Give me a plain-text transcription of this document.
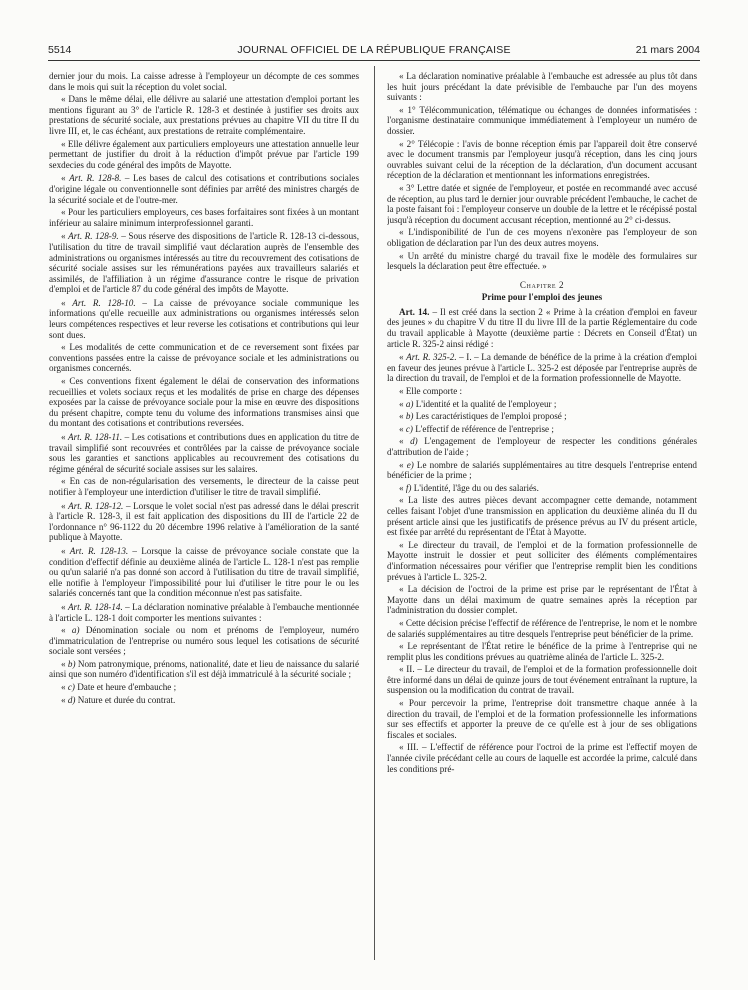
5514	JOURNAL OFFICIEL DE LA RÉPUBLIQUE FRANÇAISE	21 mars 2004

dernier jour du mois. La caisse adresse à l'employeur un décompte de ces sommes dans le mois qui suit la réception du volet social.

« Dans le même délai, elle délivre au salarié une attestation d'emploi portant les mentions figurant au 3° de l'article R. 128-3 et destinée à justifier ses droits aux prestations de sécurité sociale, aux prestations prévues au chapitre VII du titre II du livre III, et, le cas échéant, aux prestations de retraite complémentaire.

« Elle délivre également aux particuliers employeurs une attestation annuelle leur permettant de justifier du droit à la réduction d'impôt prévue par l'article 199 sexdecies du code général des impôts de Mayotte.

« Art. R. 128-8. – Les bases de calcul des cotisations et contributions sociales d'origine légale ou conventionnelle sont définies par arrêté des ministres chargés de la sécurité sociale et de l'outre-mer.

« Pour les particuliers employeurs, ces bases forfaitaires sont fixées à un montant inférieur au salaire minimum interprofessionnel garanti.

« Art. R. 128-9. – Sous réserve des dispositions de l'article R. 128-13 ci-dessous, l'utilisation du titre de travail simplifié vaut déclaration auprès de l'ensemble des administrations ou organismes intéressés au titre du recouvrement des cotisations de sécurité sociale assises sur les rémunérations payées aux travailleurs salariés et assimilés, de l'affiliation à un régime d'assurance contre le risque de privation d'emploi et de l'article 87 du code général des impôts de Mayotte.

« Art. R. 128-10. – La caisse de prévoyance sociale communique les informations qu'elle recueille aux administrations ou organismes intéressés selon leurs compétences respectives et leur reverse les cotisations et contributions qui leur sont dues.

« Les modalités de cette communication et de ce reversement sont fixées par conventions passées entre la caisse de prévoyance sociale et les administrations ou organismes concernés.

« Ces conventions fixent également le délai de conservation des informations recueillies et volets sociaux reçus et les modalités de prise en charge des dépenses exposées par la caisse de prévoyance sociale pour la mise en œuvre des dispositions du présent chapitre, compte tenu du volume des informations transmises ainsi que du montant des cotisations et contributions reversées.

« Art. R. 128-11. – Les cotisations et contributions dues en application du titre de travail simplifié sont recouvrées et contrôlées par la caisse de prévoyance sociale sous les garanties et sanctions applicables au recouvrement des cotisations du régime général de sécurité sociale assises sur les salaires.

« En cas de non-régularisation des versements, le directeur de la caisse peut notifier à l'employeur une interdiction d'utiliser le titre de travail simplifié.

« Art. R. 128-12. – Lorsque le volet social n'est pas adressé dans le délai prescrit à l'article R. 128-3, il est fait application des dispositions du III de l'article 22 de l'ordonnance n° 96-1122 du 20 décembre 1996 relative à l'amélioration de la santé publique à Mayotte.

« Art. R. 128-13. – Lorsque la caisse de prévoyance sociale constate que la condition d'effectif définie au deuxième alinéa de l'article L. 128-1 n'est pas remplie ou qu'un salarié n'a pas donné son accord à l'utilisation du titre de travail simplifié, elle notifie à l'employeur l'impossibilité pour lui d'utiliser le titre pour le ou les salariés concernés tant que la condition méconnue n'est pas satisfaite.

« Art. R. 128-14. – La déclaration nominative préalable à l'embauche mentionnée à l'article L. 128-1 doit comporter les mentions suivantes :

« a) Dénomination sociale ou nom et prénoms de l'employeur, numéro d'immatriculation de l'entreprise ou numéro sous lequel les cotisations de sécurité sociale sont versées ;

« b) Nom patronymique, prénoms, nationalité, date et lieu de naissance du salarié ainsi que son numéro d'identification s'il est déjà immatriculé à la sécurité sociale ;

« c) Date et heure d'embauche ;

« d) Nature et durée du contrat.

« La déclaration nominative préalable à l'embauche est adressée au plus tôt dans les huit jours précédant la date prévisible de l'embauche par l'un des moyens suivants :

« 1° Télécommunication, télématique ou échanges de données informatisées : l'organisme destinataire communique immédiatement à l'employeur un numéro de dossier.

« 2° Télécopie : l'avis de bonne réception émis par l'appareil doit être conservé avec le document transmis par l'employeur jusqu'à réception, dans les cinq jours ouvrables suivant celui de la réception de la déclaration, d'un document accusant réception de la déclaration et mentionnant les informations enregistrées.

« 3° Lettre datée et signée de l'employeur, et postée en recommandé avec accusé de réception, au plus tard le dernier jour ouvrable précédent l'embauche, le cachet de la poste faisant foi : l'employeur conserve un double de la lettre et le récépissé postal jusqu'à réception du document accusant réception, mentionné au 2° ci-dessus.

« L'indisponibilité de l'un de ces moyens n'exonère pas l'employeur de son obligation de déclaration par l'un des deux autres moyens.

« Un arrêté du ministre chargé du travail fixe le modèle des formulaires sur lesquels la déclaration peut être effectuée. »

Chapitre 2

Prime pour l'emploi des jeunes

Art. 14. – Il est créé dans la section 2 « Prime à la création d'emploi en faveur des jeunes » du chapitre V du titre II du livre III de la partie Réglementaire du code du travail applicable à Mayotte (deuxième partie : Décrets en Conseil d'État) un article R. 325-2 ainsi rédigé :

« Art. R. 325-2. – I. – La demande de bénéfice de la prime à la création d'emploi en faveur des jeunes prévue à l'article L. 325-2 est déposée par l'entreprise auprès de la direction du travail, de l'emploi et de la formation professionnelle de Mayotte.

« Elle comporte :

« a) L'identité et la qualité de l'employeur ;

« b) Les caractéristiques de l'emploi proposé ;

« c) L'effectif de référence de l'entreprise ;

« d) L'engagement de l'employeur de respecter les conditions générales d'attribution de l'aide ;

« e) Le nombre de salariés supplémentaires au titre desquels l'entreprise entend bénéficier de la prime ;

« f) L'identité, l'âge du ou des salariés.

« La liste des autres pièces devant accompagner cette demande, notamment celles faisant l'objet d'une transmission en application du deuxième alinéa du II du présent article ainsi que les justificatifs de présence prévus au IV du présent article, est fixée par arrêté du représentant de l'État à Mayotte.

« Le directeur du travail, de l'emploi et de la formation professionnelle de Mayotte instruit le dossier et peut solliciter des éléments complémentaires d'information nécessaires pour vérifier que l'entreprise remplit bien les conditions prévues à l'article L. 325-2.

« La décision de l'octroi de la prime est prise par le représentant de l'État à Mayotte dans un délai maximum de quatre semaines après la réception par l'administration du dossier complet.

« Cette décision précise l'effectif de référence de l'entreprise, le nom et le nombre de salariés supplémentaires au titre desquels l'entreprise peut bénéficier de la prime.

« Le représentant de l'État retire le bénéfice de la prime à l'entreprise qui ne remplit plus les conditions prévues au quatrième alinéa de l'article L. 325-2.

« II. – Le directeur du travail, de l'emploi et de la formation professionnelle doit être informé dans un délai de quinze jours de tout événement entraînant la rupture, la suspension ou la modification du contrat de travail.

« Pour percevoir la prime, l'entreprise doit transmettre chaque année à la direction du travail, de l'emploi et de la formation professionnelle les informations sur ses effectifs et apporter la preuve de ce qu'elle est à jour de ses obligations fiscales et sociales.

« III. – L'effectif de référence pour l'octroi de la prime est l'effectif moyen de l'année civile précédant celle au cours de laquelle est accordée la prime, calculé dans les conditions pré-
